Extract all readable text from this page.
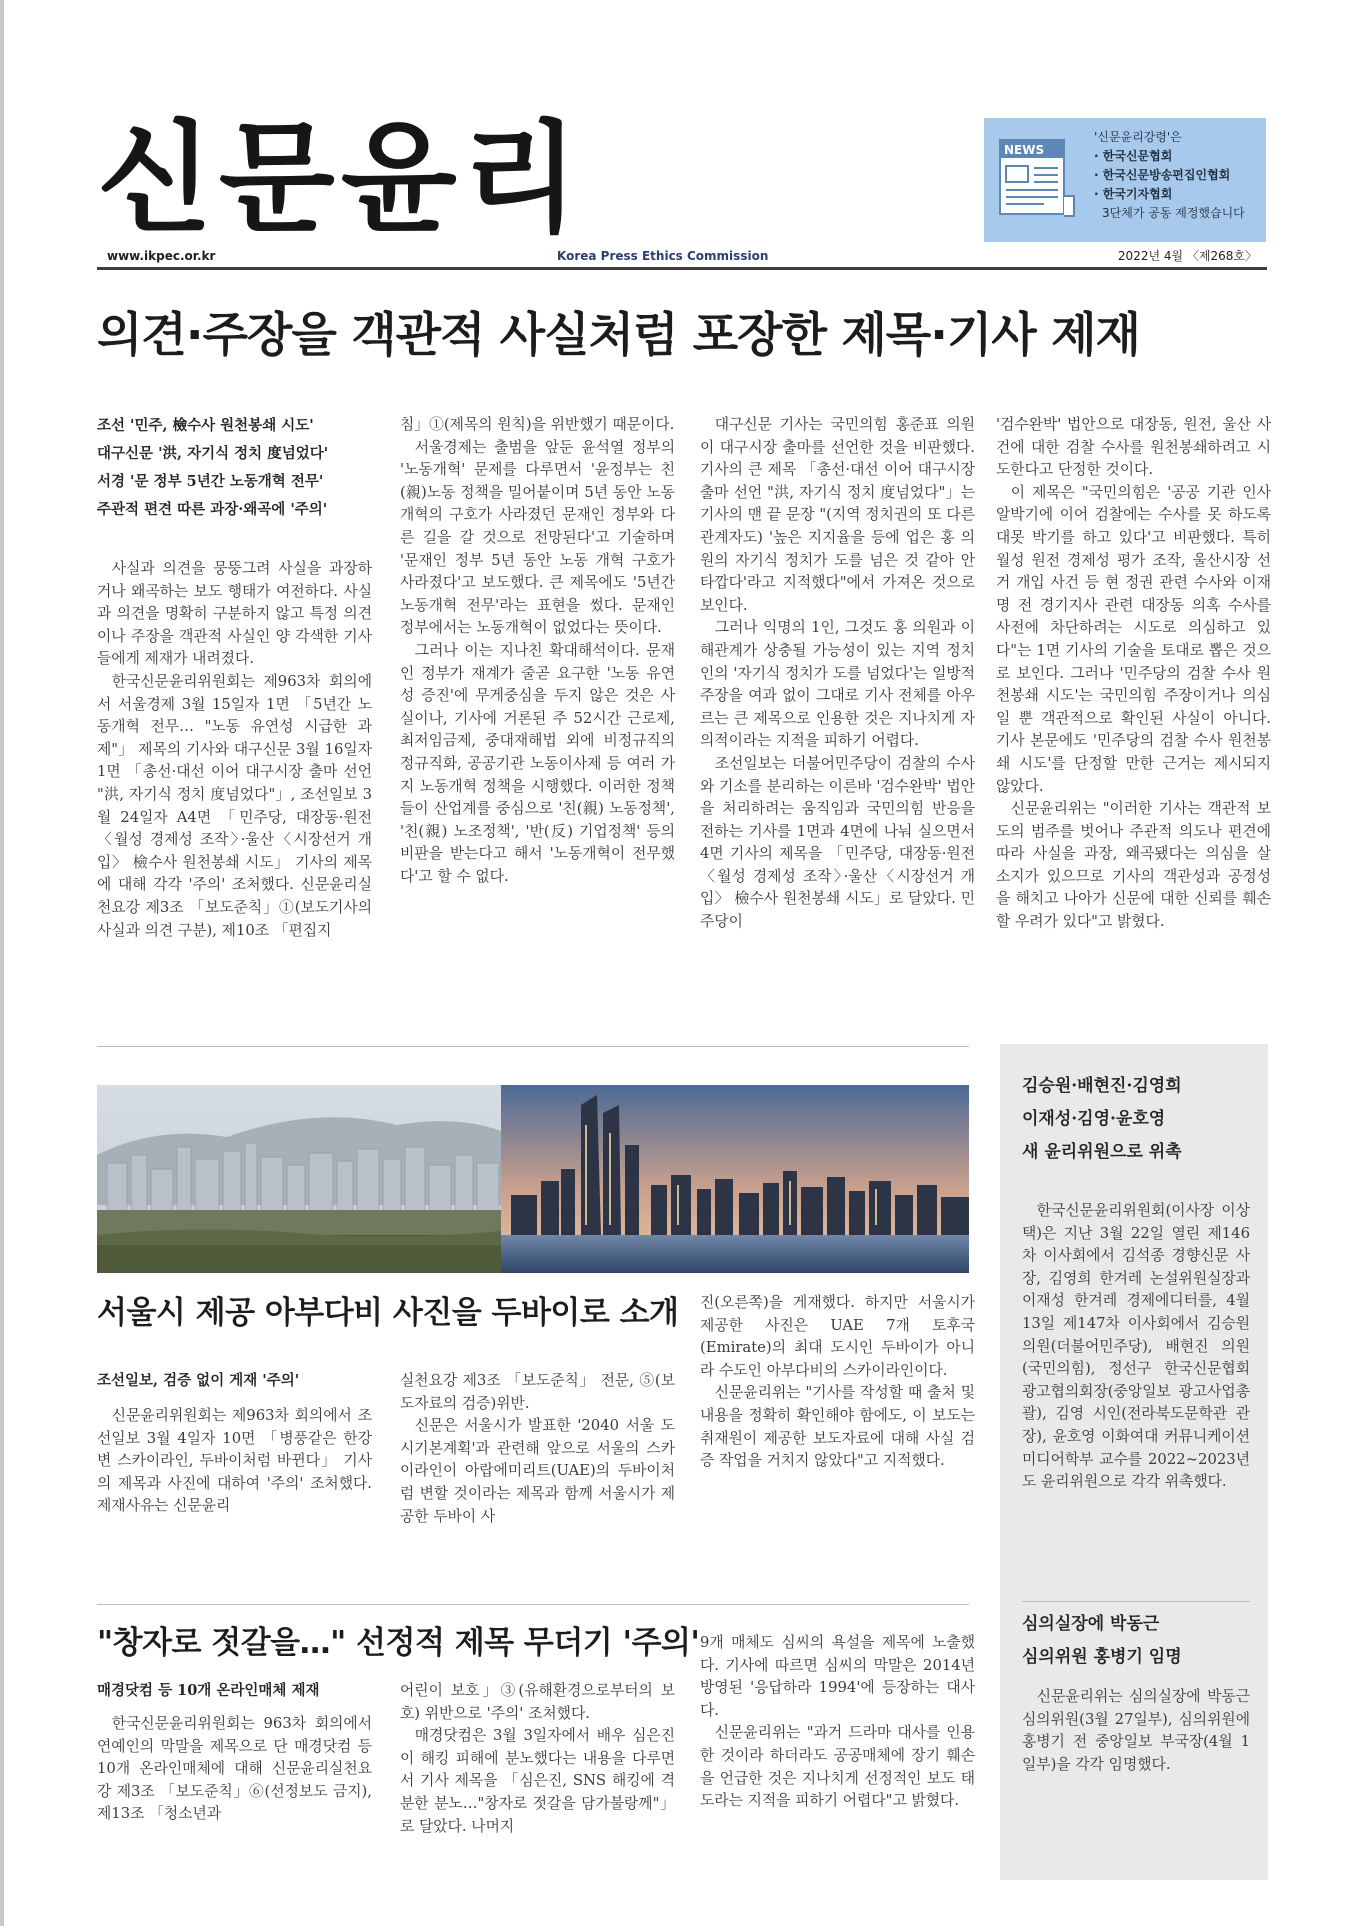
신문윤리	NEWS
'신문윤리강령'은
· 한국신문협회
· 한국신문방송편집인협회
· 한국기자협회
3단체가 공동 제정했습니다
www.ikpec.or.kr	Korea Press Ethics Commission	2022년 4월 〈제268호〉
의견·주장을 객관적 사실처럼 포장한 제목·기사 제재
조선 '민주, 檢수사 원천봉쇄 시도'
대구신문 '洪, 자기식 정치 度넘었다'
서경 '문 정부 5년간 노동개혁 전무'
주관적 편견 따른 과장·왜곡에 '주의'

사실과 의견을 뭉뚱그려 사실을 과장하거나 왜곡하는 보도 행태가 여전하다. 사실과 의견을 명확히 구분하지 않고 특정 의견이나 주장을 객관적 사실인 양 각색한 기사들에게 제재가 내려졌다.

한국신문윤리위원회는 제963차 회의에서 서울경제 3월 15일자 1면 「5년간 노동개혁 전무… "노동 유연성 시급한 과제"」 제목의 기사와 대구신문 3월 16일자 1면 「총선·대선 이어 대구시장 출마 선언 "洪, 자기식 정치 度넘었다"」, 조선일보 3월 24일자 A4면 「민주당, 대장동·원전〈월성 경제성 조작〉·울산〈시장선거 개입〉 檢수사 원천봉쇄 시도」 기사의 제목에 대해 각각 '주의' 조처했다. 신문윤리실천요강 제3조 「보도준칙」①(보도기사의 사실과 의견 구분), 제10조 「편집지

침」①(제목의 원칙)을 위반했기 때문이다.

서울경제는 출범을 앞둔 윤석열 정부의 '노동개혁' 문제를 다루면서 '윤정부는 친(親)노동 정책을 밀어붙이며 5년 동안 노동 개혁의 구호가 사라졌던 문재인 정부와 다른 길을 갈 것으로 전망된다'고 기술하며 '문재인 정부 5년 동안 노동 개혁 구호가 사라졌다'고 보도했다. 큰 제목에도 '5년간 노동개혁 전무'라는 표현을 썼다. 문재인 정부에서는 노동개혁이 없었다는 뜻이다.

그러나 이는 지나친 확대해석이다. 문재인 정부가 재계가 줄곧 요구한 '노동 유연성 증진'에 무게중심을 두지 않은 것은 사실이나, 기사에 거론된 주 52시간 근로제, 최저임금제, 중대재해법 외에 비정규직의 정규직화, 공공기관 노동이사제 등 여러 가지 노동개혁 정책을 시행했다. 이러한 정책들이 산업계를 중심으로 '친(親) 노동정책', '친(親) 노조정책', '반(反) 기업정책' 등의 비판을 받는다고 해서 '노동개혁이 전무했다'고 할 수 없다.

대구신문 기사는 국민의힘 홍준표 의원이 대구시장 출마를 선언한 것을 비판했다. 기사의 큰 제목 「총선·대선 이어 대구시장 출마 선언 "洪, 자기식 정치 度넘었다"」는 기사의 맨 끝 문장 "(지역 정치권의 또 다른 관계자도) '높은 지지율을 등에 업은 홍 의원의 자기식 정치가 도를 넘은 것 같아 안타깝다'라고 지적했다"에서 가져온 것으로 보인다.

그러나 익명의 1인, 그것도 홍 의원과 이해관계가 상충될 가능성이 있는 지역 정치인의 '자기식 정치가 도를 넘었다'는 일방적 주장을 여과 없이 그대로 기사 전체를 아우르는 큰 제목으로 인용한 것은 지나치게 자의적이라는 지적을 피하기 어렵다.

조선일보는 더불어민주당이 검찰의 수사와 기소를 분리하는 이른바 '검수완박' 법안을 처리하려는 움직임과 국민의힘 반응을 전하는 기사를 1면과 4면에 나눠 실으면서 4면 기사의 제목을 「민주당, 대장동·원전〈월성 경제성 조작〉·울산〈시장선거 개입〉 檢수사 원천봉쇄 시도」로 달았다. 민주당이

'검수완박' 법안으로 대장동, 원전, 울산 사건에 대한 검찰 수사를 원천봉쇄하려고 시도한다고 단정한 것이다.

이 제목은 "국민의힘은 '공공 기관 인사 알박기에 이어 검찰에는 수사를 못 하도록 대못 박기를 하고 있다'고 비판했다. 특히 월성 원전 경제성 평가 조작, 울산시장 선거 개입 사건 등 현 정권 관련 수사와 이재명 전 경기지사 관련 대장동 의혹 수사를 사전에 차단하려는 시도로 의심하고 있다"는 1면 기사의 기술을 토대로 뽑은 것으로 보인다. 그러나 '민주당의 검찰 수사 원천봉쇄 시도'는 국민의힘 주장이거나 의심일 뿐 객관적으로 확인된 사실이 아니다. 기사 본문에도 '민주당의 검찰 수사 원천봉쇄 시도'를 단정할 만한 근거는 제시되지 않았다.

신문윤리위는 "이러한 기사는 객관적 보도의 범주를 벗어나 주관적 의도나 편견에 따라 사실을 과장, 왜곡됐다는 의심을 살 소지가 있으므로 기사의 객관성과 공정성을 해치고 나아가 신문에 대한 신뢰를 훼손할 우려가 있다"고 밝혔다.

서울시 제공 아부다비 사진을 두바이로 소개
조선일보, 검증 없이 게재 '주의'

신문윤리위원회는 제963차 회의에서 조선일보 3월 4일자 10면 「병풍같은 한강변 스카이라인, 두바이처럼 바뀐다」 기사의 제목과 사진에 대하여 '주의' 조처했다. 제재사유는 신문윤리

실천요강 제3조 「보도준칙」 전문, ⑤(보도자료의 검증)위반.

신문은 서울시가 발표한 '2040 서울 도시기본계획'과 관련해 앞으로 서울의 스카이라인이 아랍에미리트(UAE)의 두바이처럼 변할 것이라는 제목과 함께 서울시가 제공한 두바이 사

진(오른쪽)을 게재했다. 하지만 서울시가 제공한 사진은 UAE 7개 토후국(Emirate)의 최대 도시인 두바이가 아니라 수도인 아부다비의 스카이라인이다.

신문윤리위는 "기사를 작성할 때 출처 및 내용을 정확히 확인해야 함에도, 이 보도는 취재원이 제공한 보도자료에 대해 사실 검증 작업을 거치지 않았다"고 지적했다.

"창자로 젓갈을…" 선정적 제목 무더기 '주의'
매경닷컴 등 10개 온라인매체 제재

한국신문윤리위원회는 963차 회의에서 연예인의 막말을 제목으로 단 매경닷컴 등 10개 온라인매체에 대해 신문윤리실천요강 제3조 「보도준칙」⑥(선정보도 금지), 제13조 「청소년과

어린이 보호」③(유해환경으로부터의 보호) 위반으로 '주의' 조처했다.

매경닷컴은 3월 3일자에서 배우 심은진이 해킹 피해에 분노했다는 내용을 다루면서 기사 제목을 「심은진, SNS 해킹에 격분한 분노…"창자로 젓갈을 담가불랑께"」로 달았다. 나머지

9개 매체도 심씨의 욕설을 제목에 노출했다. 기사에 따르면 심씨의 막말은 2014년 방영된 '응답하라 1994'에 등장하는 대사다.

신문윤리위는 "과거 드라마 대사를 인용한 것이라 하더라도 공공매체에 장기 훼손을 언급한 것은 지나치게 선정적인 보도 태도라는 지적을 피하기 어렵다"고 밝혔다.

김승원·배현진·김영희
이재성·김영·윤호영
새 윤리위원으로 위촉

한국신문윤리위원회(이사장 이상택)은 지난 3월 22일 열린 제146차 이사회에서 김석종 경향신문 사장, 김영희 한겨레 논설위원실장과 이재성 한겨레 경제에디터를, 4월 13일 제147차 이사회에서 김승원 의원(더불어민주당), 배현진 의원(국민의힘), 정선구 한국신문협회 광고협의회장(중앙일보 광고사업총괄), 김영 시인(전라북도문학관 관장), 윤호영 이화여대 커뮤니케이션미디어학부 교수를 2022~2023년도 윤리위원으로 각각 위촉했다.

심의실장에 박동근
심의위원 홍병기 임명

신문윤리위는 심의실장에 박동근 심의위원(3월 27일부), 심의위원에 홍병기 전 중앙일보 부국장(4월 1일부)을 각각 임명했다.
